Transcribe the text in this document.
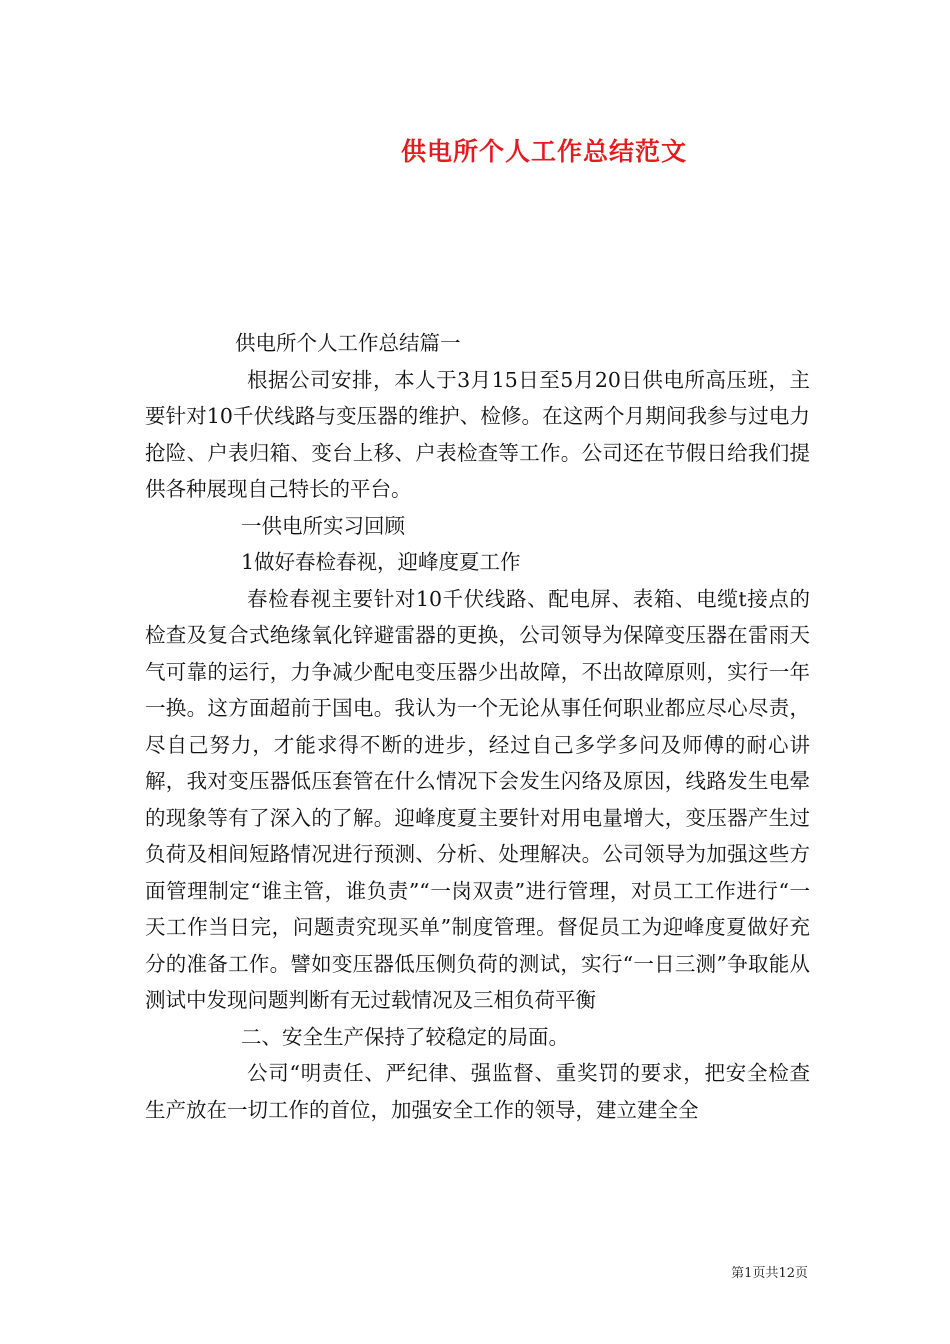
供电所个人工作总结范文

供电所个人工作总结篇一

根据公司安排，本人于3月15日至5月20日供电所高压班，主要针对10千伏线路与变压器的维护、检修。在这两个月期间我参与过电力抢险、户表归箱、变台上移、户表检查等工作。公司还在节假日给我们提供各种展现自己特长的平台。

一供电所实习回顾

1做好春检春视，迎峰度夏工作

春检春视主要针对10千伏线路、配电屏、表箱、电缆t接点的检查及复合式绝缘氧化锌避雷器的更换，公司领导为保障变压器在雷雨天气可靠的运行，力争减少配电变压器少出故障，不出故障原则，实行一年一换。这方面超前于国电。我认为一个无论从事任何职业都应尽心尽责，尽自己努力，才能求得不断的进步，经过自己多学多问及师傅的耐心讲解，我对变压器低压套管在什么情况下会发生闪络及原因，线路发生电晕的现象等有了深入的了解。迎峰度夏主要针对用电量增大，变压器产生过负荷及相间短路情况进行预测、分析、处理解决。公司领导为加强这些方面管理制定“谁主管，谁负责”“一岗双责”进行管理，对员工工作进行“一天工作当日完，问题责究现买单”制度管理。督促员工为迎峰度夏做好充分的准备工作。譬如变压器低压侧负荷的测试，实行“一日三测”争取能从测试中发现问题判断有无过载情况及三相负荷平衡

二、安全生产保持了较稳定的局面。

公司“明责任、严纪律、强监督、重奖罚的要求，把安全检查生产放在一切工作的首位，加强安全工作的领导，建立建全全

第1页共12页
